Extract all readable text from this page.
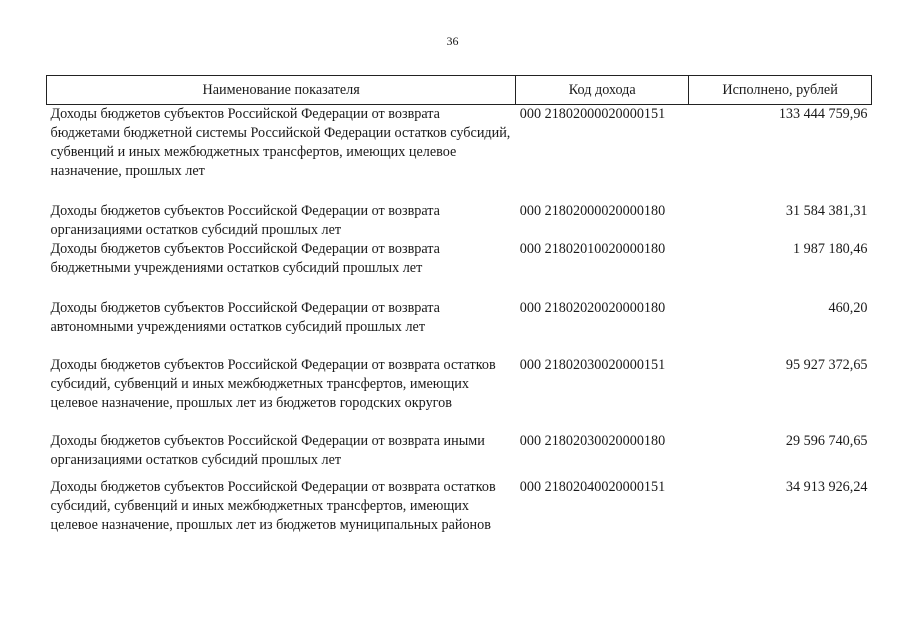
36
Наименование показателя	Код дохода	Исполнено, рублей

Доходы бюджетов субъектов Российской Федерации от возврата бюджетами бюджетной системы Российской Федерации остатков субсидий, субвенций и иных межбюджетных трансфертов, имеющих целевое назначение, прошлых лет	000 21802000020000151	133 444 759,96

Доходы бюджетов субъектов Российской Федерации от возврата организациями остатков субсидий прошлых лет	000 21802000020000180	31 584 381,31

Доходы бюджетов субъектов Российской Федерации от возврата бюджетными учреждениями остатков субсидий прошлых лет	000 21802010020000180	1 987 180,46

Доходы бюджетов субъектов Российской Федерации от возврата автономными учреждениями остатков субсидий прошлых лет	000 21802020020000180	460,20

Доходы бюджетов субъектов Российской Федерации от возврата остатков субсидий, субвенций и иных межбюджетных трансфертов, имеющих целевое назначение, прошлых лет из бюджетов городских округов	000 21802030020000151	95 927 372,65

Доходы бюджетов субъектов Российской Федерации от возврата иными организациями остатков субсидий прошлых лет	000 21802030020000180	29 596 740,65

Доходы бюджетов субъектов Российской Федерации от возврата остатков субсидий, субвенций и иных межбюджетных трансфертов, имеющих целевое назначение, прошлых лет из бюджетов муниципальных районов	000 21802040020000151	34 913 926,24
